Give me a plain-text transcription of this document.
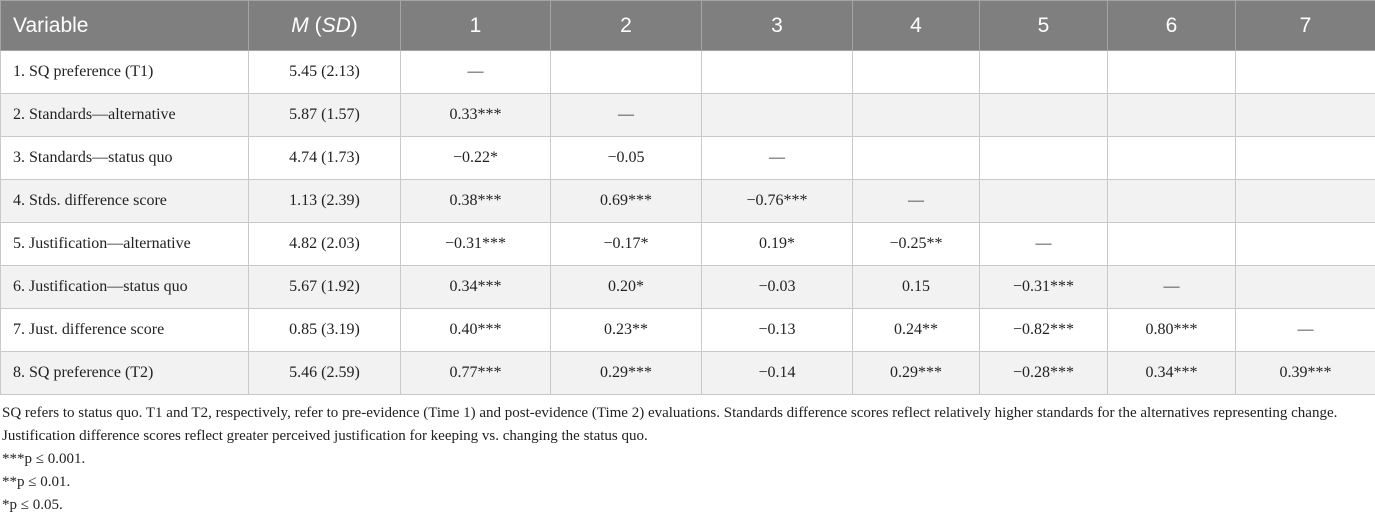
Variable	M (SD)	1	2	3	4	5	6	7
1. SQ preference (T1)	5.45 (2.13)	—						
2. Standards—alternative	5.87 (1.57)	0.33***	—					
3. Standards—status quo	4.74 (1.73)	−0.22*	−0.05	—				
4. Stds. difference score	1.13 (2.39)	0.38***	0.69***	−0.76***	—			
5. Justification—alternative	4.82 (2.03)	−0.31***	−0.17*	0.19*	−0.25**	—		
6. Justification—status quo	5.67 (1.92)	0.34***	0.20*	−0.03	0.15	−0.31***	—	
7. Just. difference score	0.85 (3.19)	0.40***	0.23**	−0.13	0.24**	−0.82***	0.80***	—
8. SQ preference (T2)	5.46 (2.59)	0.77***	0.29***	−0.14	0.29***	−0.28***	0.34***	0.39***

SQ refers to status quo. T1 and T2, respectively, refer to pre-evidence (Time 1) and post-evidence (Time 2) evaluations. Standards difference scores reflect relatively higher standards for the alternatives representing change. Justification difference scores reflect greater perceived justification for keeping vs. changing the status quo.

***p ≤ 0.001.

**p ≤ 0.01.

*p ≤ 0.05.
